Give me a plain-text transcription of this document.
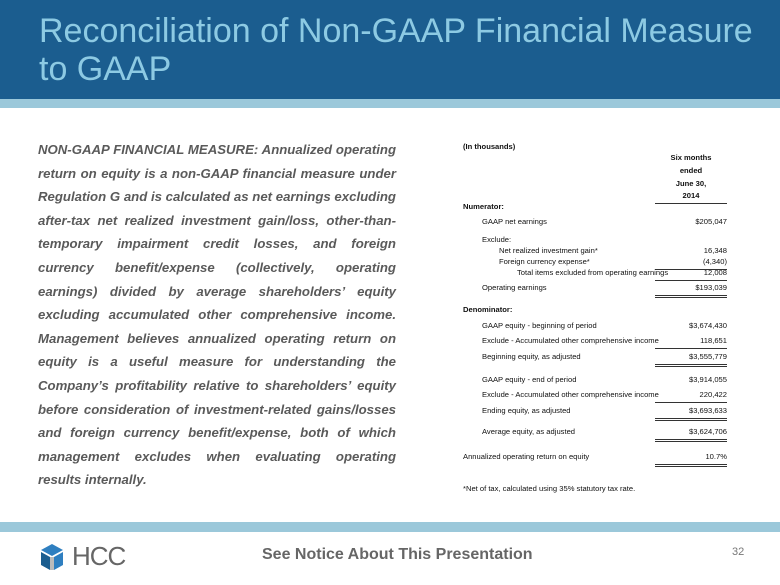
Reconciliation of Non-GAAP Financial Measure to GAAP
NON-GAAP FINANCIAL MEASURE: Annualized operating return on equity is a non-GAAP financial measure under Regulation G and is calculated as net earnings excluding after-tax net realized investment gain/loss, other-than-temporary impairment credit losses, and foreign currency benefit/expense (collectively, operating earnings) divided by average shareholders’ equity excluding accumulated other comprehensive income. Management believes annualized operating return on equity is a useful measure for understanding the Company’s profitability relative to shareholders’ equity before consideration of investment-related gains/losses and foreign currency benefit/expense, both of which management excludes when evaluating operating results internally.
(In thousands)
Six months
ended
June 30,
2014
Numerator:
GAAP net earnings	$205,047
Exclude:
Net realized investment gain*	16,348
Foreign currency expense*	(4,340)
Total items excluded from operating earnings	12,008
Operating earnings	$193,039
Denominator:
GAAP equity - beginning of period	$3,674,430
Exclude - Accumulated other comprehensive income	118,651
Beginning equity, as adjusted	$3,555,779
GAAP equity - end of period	$3,914,055
Exclude - Accumulated other comprehensive income	220,422
Ending equity, as adjusted	$3,693,633
Average equity, as adjusted	$3,624,706
Annualized operating return on equity	10.7%
*Net of tax, calculated using 35% statutory tax rate.
HCC	See Notice About This Presentation	32
